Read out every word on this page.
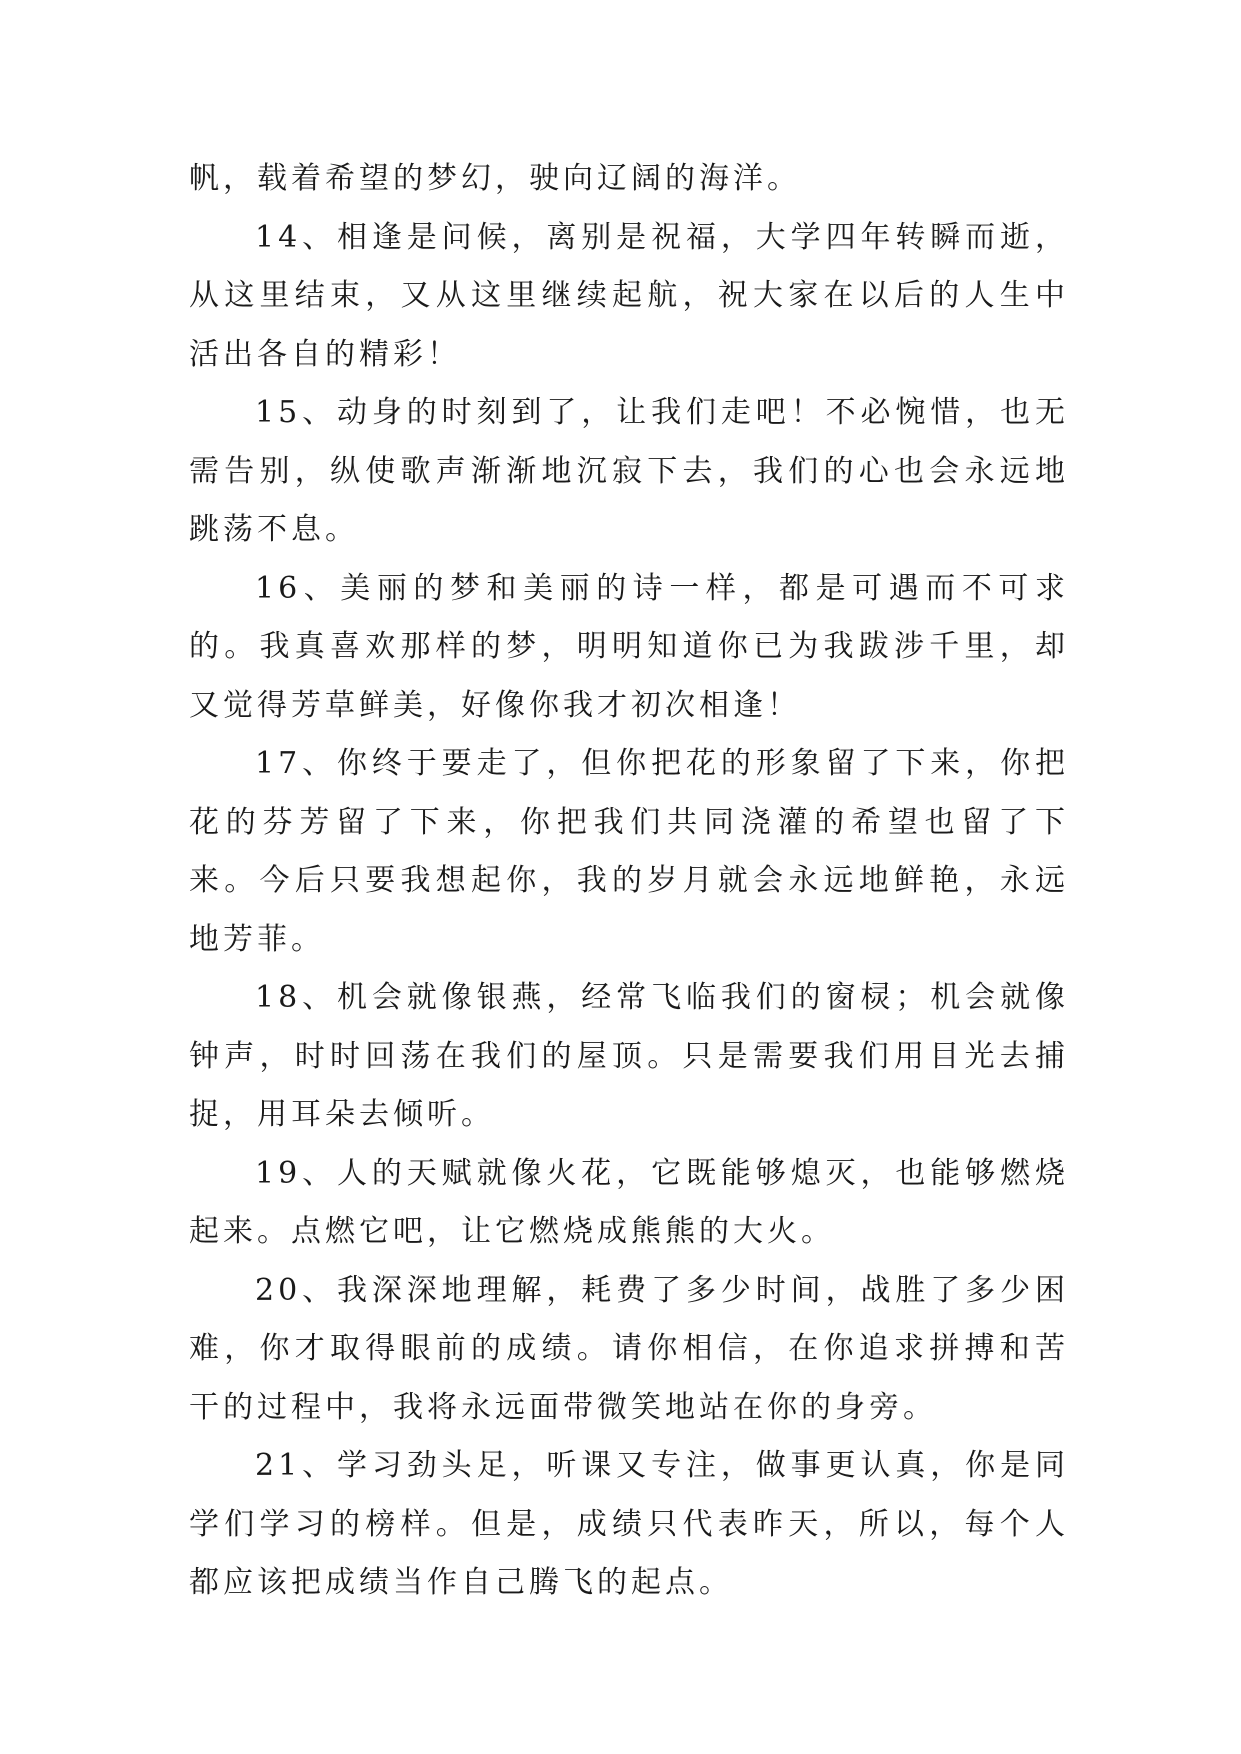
帆，载着希望的梦幻，驶向辽阔的海洋。

14、相逢是问候，离别是祝福，大学四年转瞬而逝，从这里结束，又从这里继续起航，祝大家在以后的人生中活出各自的精彩！

15、动身的时刻到了，让我们走吧！不必惋惜，也无需告别，纵使歌声渐渐地沉寂下去，我们的心也会永远地跳荡不息。

16、美丽的梦和美丽的诗一样，都是可遇而不可求的。我真喜欢那样的梦，明明知道你已为我跋涉千里，却又觉得芳草鲜美，好像你我才初次相逢！

17、你终于要走了，但你把花的形象留了下来，你把花的芬芳留了下来，你把我们共同浇灌的希望也留了下来。今后只要我想起你，我的岁月就会永远地鲜艳，永远地芳菲。

18、机会就像银燕，经常飞临我们的窗棂；机会就像钟声，时时回荡在我们的屋顶。只是需要我们用目光去捕捉，用耳朵去倾听。

19、人的天赋就像火花，它既能够熄灭，也能够燃烧起来。点燃它吧，让它燃烧成熊熊的大火。

20、我深深地理解，耗费了多少时间，战胜了多少困难，你才取得眼前的成绩。请你相信，在你追求拼搏和苦干的过程中，我将永远面带微笑地站在你的身旁。

21、学习劲头足，听课又专注，做事更认真，你是同学们学习的榜样。但是，成绩只代表昨天，所以，每个人都应该把成绩当作自己腾飞的起点。
